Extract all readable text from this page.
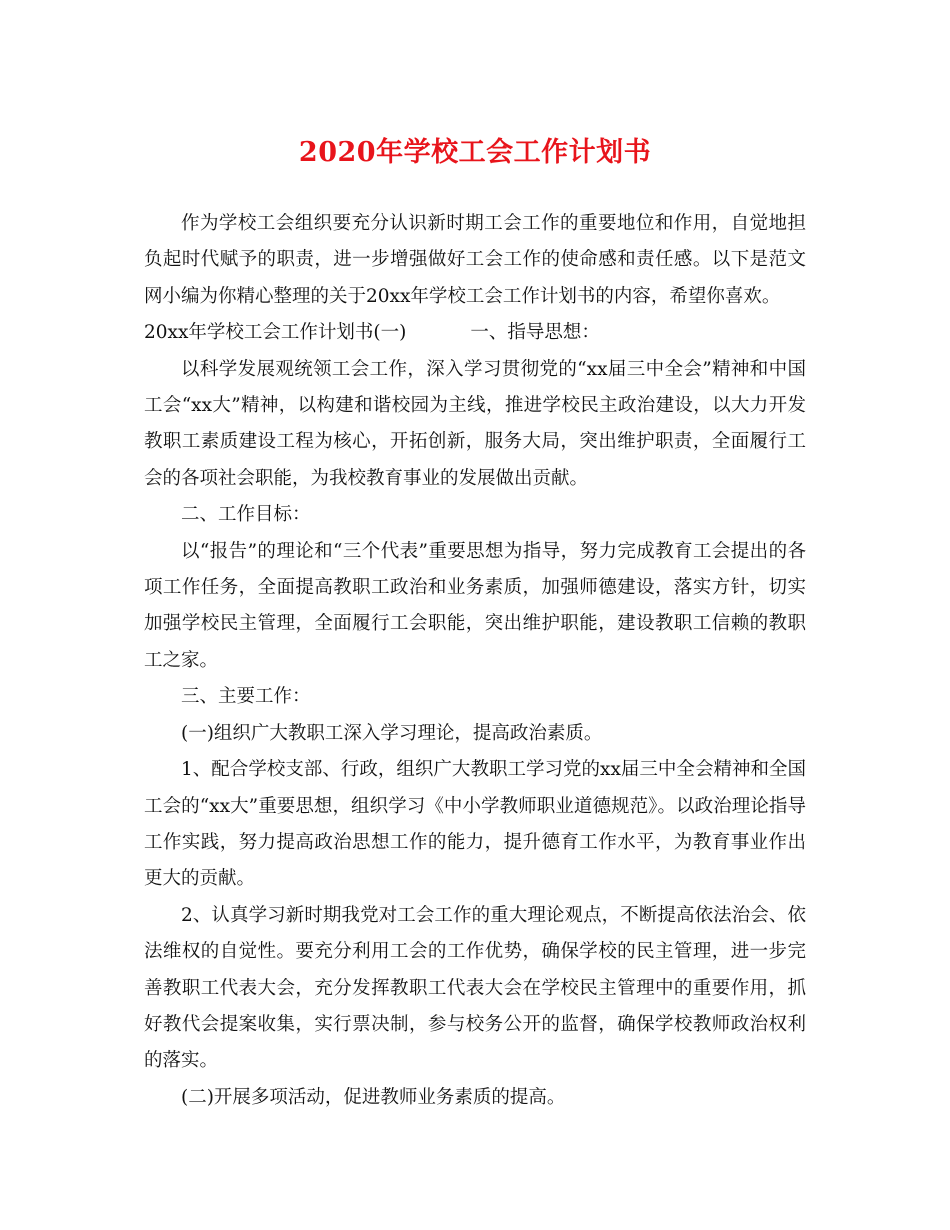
2020年学校工会工作计划书

作为学校工会组织要充分认识新时期工会工作的重要地位和作用，自觉地担负起时代赋予的职责，进一步增强做好工会工作的使命感和责任感。以下是范文网小编为你精心整理的关于20xx年学校工会工作计划书的内容，希望你喜欢。

20xx年学校工会工作计划书(一)	一、指导思想：

以科学发展观统领工会工作，深入学习贯彻党的“xx届三中全会”精神和中国工会“xx大”精神，以构建和谐校园为主线，推进学校民主政治建设，以大力开发教职工素质建设工程为核心，开拓创新，服务大局，突出维护职责，全面履行工会的各项社会职能，为我校教育事业的发展做出贡献。

二、工作目标：

以“报告”的理论和“三个代表”重要思想为指导，努力完成教育工会提出的各项工作任务，全面提高教职工政治和业务素质，加强师德建设，落实方针，切实加强学校民主管理，全面履行工会职能，突出维护职能，建设教职工信赖的教职工之家。

三、主要工作：

(一)组织广大教职工深入学习理论，提高政治素质。

1、配合学校支部、行政，组织广大教职工学习党的xx届三中全会精神和全国工会的“xx大”重要思想，组织学习《中小学教师职业道德规范》。以政治理论指导工作实践，努力提高政治思想工作的能力，提升德育工作水平，为教育事业作出更大的贡献。

2、认真学习新时期我党对工会工作的重大理论观点，不断提高依法治会、依法维权的自觉性。要充分利用工会的工作优势，确保学校的民主管理，进一步完善教职工代表大会，充分发挥教职工代表大会在学校民主管理中的重要作用，抓好教代会提案收集，实行票决制，参与校务公开的监督，确保学校教师政治权利的落实。

(二)开展多项活动，促进教师业务素质的提高。
